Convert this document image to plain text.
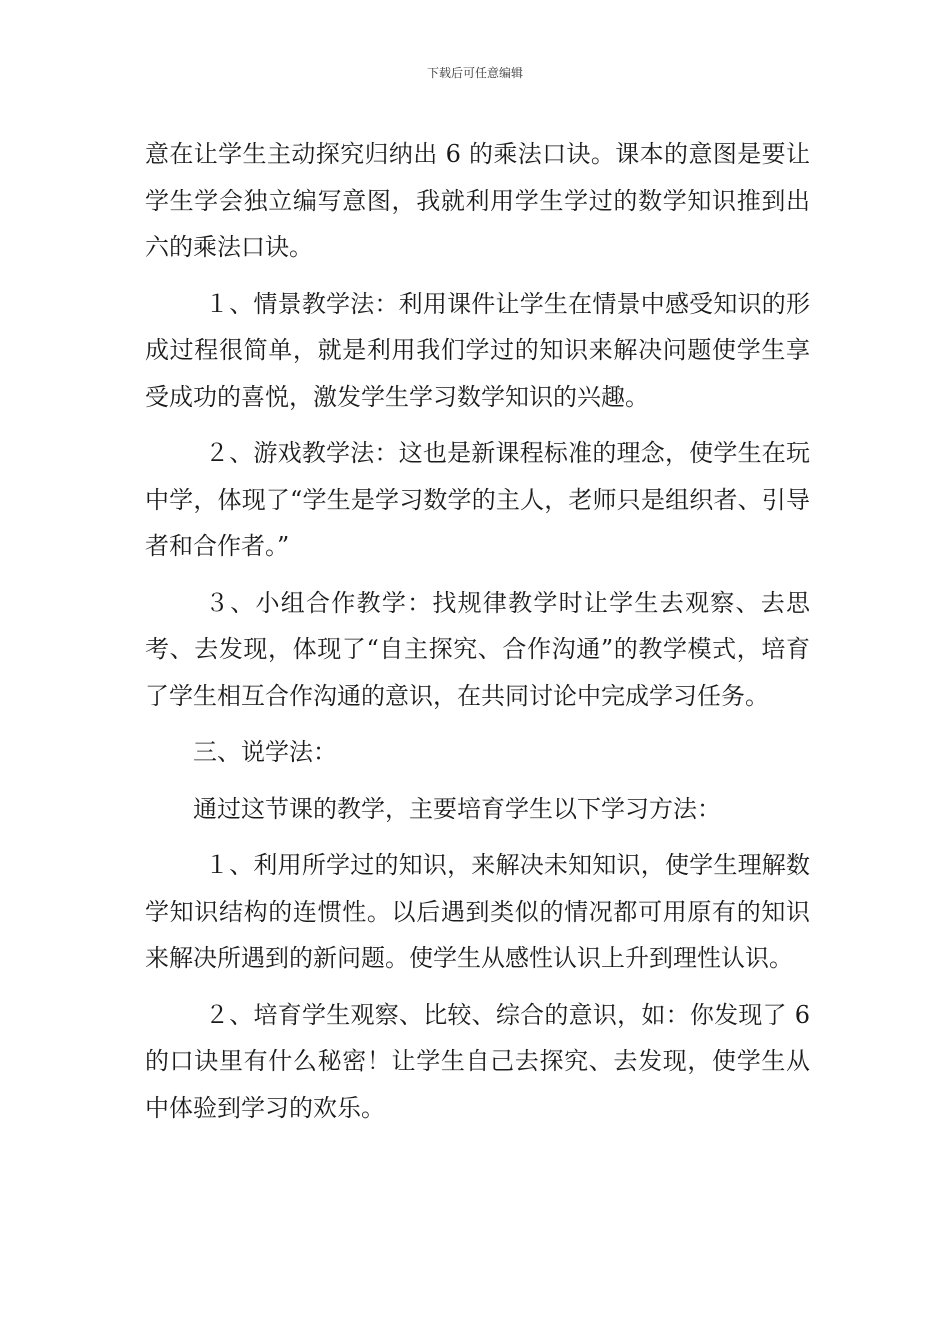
下载后可任意编辑

意在让学生主动探究归纳出 6 的乘法口诀。课本的意图是要让学生学会独立编写意图，我就利用学生学过的数学知识推到出六的乘法口诀。

１、情景教学法：利用课件让学生在情景中感受知识的形成过程很简单，就是利用我们学过的知识来解决问题使学生享受成功的喜悦，激发学生学习数学知识的兴趣。

２、游戏教学法：这也是新课程标准的理念，使学生在玩中学，体现了“学生是学习数学的主人，老师只是组织者、引导者和合作者。”

３、小组合作教学：找规律教学时让学生去观察、去思考、去发现，体现了“自主探究、合作沟通”的教学模式，培育了学生相互合作沟通的意识，在共同讨论中完成学习任务。

三、说学法：

通过这节课的教学，主要培育学生以下学习方法：

１、利用所学过的知识，来解决未知知识，使学生理解数学知识结构的连惯性。以后遇到类似的情况都可用原有的知识来解决所遇到的新问题。使学生从感性认识上升到理性认识。

２、培育学生观察、比较、综合的意识，如：你发现了 6 的口诀里有什么秘密！让学生自己去探究、去发现，使学生从中体验到学习的欢乐。
